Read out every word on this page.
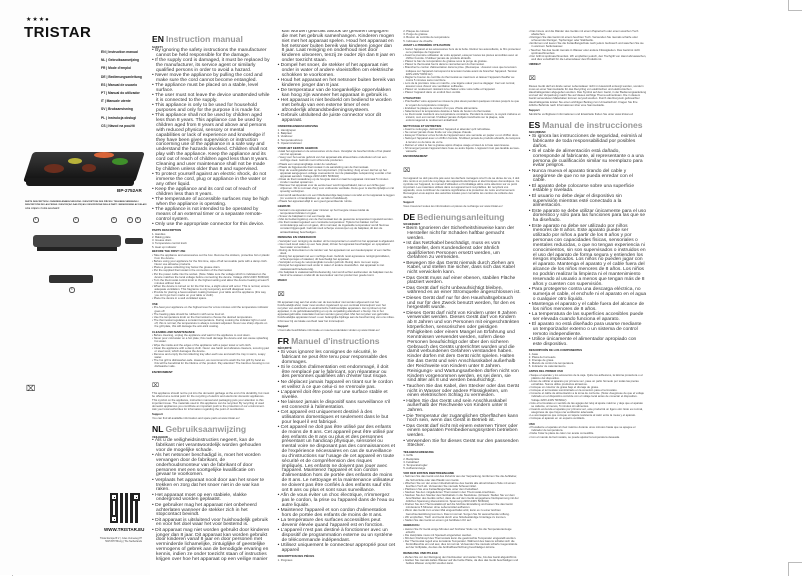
★★★●
TRISTAR
EN | Instruction manual
NL | Gebruiksaanwijzing
FR | Mode d'emploi
DE | Bedienungsanleitung
ES | Manual de usuario
PT | Manual do utilizador
IT | Manuale utente
SV | Bruksanvisning
PL | Instrukcja obsługi
CS | Návod na použití
BP-2752AR
PARTS DESCRIPTION / ONDERDELENBESCHRIJVING / DESCRIPTION DES PIÈCES / TEILEBESCHREIBUNG / DESCRIPCIÓN DE LAS PIEZAS / DESCRIÇÃO DAS PEÇAS / DESCRIZIONE DELLE PARTI / BESKRIVNING AV DELAR / OPIS CZĘŚCI / POPIS SOUČÁSTÍ
1	2	3	4	5
3
⌧
WWW.TRISTAR.EU
Tristar Europe B.V. | Jules Verneweg 87
5015 BH Tilburg | The Netherlands
EN Instruction manual
SAFETY
• By ignoring the safety instructions the manufacturer cannot be held responsible for the damage.
• If the supply cord is damaged, it must be replaced by the manufacturer, its service agent or similarly qualified persons in order to avoid a hazard.
• Never move the appliance by pulling the cord and make sure the cord cannot become entangled.
• The appliance must be placed on a stable, level surface.
• The user must not leave the device unattended while it is connected to the supply.
• This appliance is only to be used for household purposes and only for the purpose it is made for.
• This appliance shall not be used by children aged less than 8 years. This appliance can be used by children aged from 8 years and above and persons with reduced physical, sensory or mental capabilities or lack of experience and knowledge if they have been given supervision or instruction concerning use of the appliance in a safe way and understand the hazards involved. Children shall not play with the appliance. Keep the appliance and its cord out of reach of children aged less than 8 years. Cleaning and user maintenance shall not be made by children unless older than 8 and supervised.
• To protect yourself against an electric shock, do not immerse the cord, plug or appliance in the water or any other liquid.
• Keep the appliance and its cord out of reach of children less than 8 years.
• The temperature of accessible surfaces may be high when the appliance is operating.
• The appliance is not intended to be operated by means of an external timer or a separate remote-control system.
• Only use the appropriate connector for this device.
PARTS DESCRIPTION
1. Handles
2. Baking plate
3. Grease drain
4. Temperature control knob
5. Heat up indicator
BEFORE THE FIRST USE
• Take the appliance and accessories out the box. Remove the stickers, protective foil or plastic from the device.
• Before using your appliance for the first time, wipe off all removable parts with a damp cloth. Never use abrasive products.
• Place a grease collecting tray below the grease drain.
• Put the supplied thermostat in the connection of the thermostat.
• Put the power cable into the socket. (Note: Make sure the voltage which is indicated on the device matches the local voltage before connecting the device. Voltage 220V-240V 50/60Hz)
• Turn the thermostat control knob to the highest setting and allow the device heating at least 5 minutes without food.
• When the device is turned on for the first time, a slight odour will occur. This is normal, ensure adequate ventilation. This fragrance is only temporary and will disappear soon.
• Provide for placing a heat-resistant coating between your table and the appliance (this way you don't get burn marks on your table or cloth).
• Place the device in a well ventilated space.
USE
• Pre-heat your appliance on the highest level for a few minutes until the temperature indicator goes off.
• The heating plate should be rubbed in with some food oil.
• Use the temperature knob on the thermostat to choose the desired temperature.
• The thermostat regulates a constant temperature. During cooking the indicator light on and off, this is normal, the temperature is always constant adjusted. Never use sharp objects on the grill plate, this will damage the anti-stick coating.
CLEANING AND MAINTENANCE
• Before cleaning, unplug the appliance and wait for the appliance to cool down.
• Never pour cold water on a hot plate; this could damage the device and can cause splashing hot water.
• Wipe the inside and the edges of the appliance with a paper towel or soft cloth.
• Clean the appliance with a damp cloth. Never use harsh and abrasive cleaners, scouring pad or steel wool, which damages the device.
• Remove and empty the fat collecting tray after each use and wash the tray in warm, soapy water.
• The hot grill is dishwasher-safe. However, we recommend to wash the hot grill by hand as this will be beneficial for the lifetime of the product. Pay attention! The bamboo housing is not dishwasher safe.
ENVIRONMENT
⌧

This appliance should not be put into the domestic garbage at the end of its durability, but must be offered at a central point for the recycling of electric and electronic domestic appliances. This symbol on the appliance, instruction manual and packaging puts your attention to this important issue. The materials used in this appliance can be recycled. By recycling of used domestic appliances you contribute an important push to the protection of our environment. Ask your local authorities for information regarding the point of recollection.

Support

You can find all available information and spare parts at www.tristar.eu!

NL Gebruiksaanwijzing
VEILIGHEID
• Als u de veiligheidsinstructies negeert, kan de fabrikant niet verantwoordelijk worden gehouden voor de mogelijke schade.
• Als het netsnoer beschadigd is, moet het worden vervangen door de fabrikant, de onderhoudsmonteur van de fabrikant of door personen met een soortgelijke kwalificatie om gevaar te voorkomen.
• Verplaats het apparaat nooit door aan het snoer te trekken en zorg dat het snoer niet in de war kan raken.
• Het apparaat moet op een stabiele, vlakke ondergrond worden geplaatst.
• De gebruiker mag het apparaat niet onbeheerd achterlaten wanneer de stekker zich in het stopcontact bevindt.
• Dit apparaat is uitsluitend voor huishoudelijk gebruik en voor het doel waar het voor bestemd is.
• Dit apparaat mag niet worden gebruikt door kinderen jonger dan 8 jaar. Dit apparaat kan worden gebruikt door kinderen vanaf 8 jaar en door personen met verminderde lichamelijke, zintuiglijke of geestelijke vermogens of gebrek aan de benodigde ervaring en kennis, indien ze onder toezicht staan of instructies krijgen over hoe het apparaat op een veilige manier kan worden gebruikt alsook de gevaren begrijpen die met het gebruik samenhangen. Kinderen mogen niet met het apparaat spelen. Houd het apparaat en het netsnoer buiten bereik van kinderen jonger dan 8 jaar. Laat reiniging en onderhoud niet door kinderen uitvoeren, tenzij ze ouder zijn dan 8 jaar en onder toezicht staan.
• Dompel het snoer, de stekker of het apparaat niet onder in water of andere vloeistoffen om elektrische schokken te voorkomen.
• Houd het apparaat en het netsnoer buiten bereik van kinderen jonger dan 8 jaar.
• De temperatuur van de toegankelijke oppervlakken kan hoog zijn wanneer het apparaat in gebruik is.
• Het apparaat is niet bedoeld om bediend te worden met behulp van een externe timer of een afzonderlijk afstandsbedieningssysteem.
• Gebruik uitsluitend de juiste connector voor dit apparaat.
ONDERDELENBESCHRIJVING
1. Handgrepen
2. Bakplaat
3. Vetafvoer
4. Temperatuurknop
5. Opwarmindicator
VOOR HET EERSTE GEBRUIK
• Haal het apparaat en de accessoires uit de doos. Verwijder de beschermfolie of het plastic van het apparaat.
• Veeg voor het eerste gebruik van het apparaat alle afneembare onderdelen af met een vochtige doek. Gebruik nooit schurende producten.
• Plaats een vetopvangbakje onder de vetafvoer.
• Plaats de bijgeleverde thermostaat in de aansluiting van de thermostaat.
• Stop de voedingskabel aan op het stopcontact. (Opmerking: Zorg ervoor dat het op het apparaat aangegeven voltage overeenkomt met de plaatselijke netspanning voordat u het apparaat aansluit. Voltage 220V-240V 50/60Hz)
• Draai de thermostaatknop op de hoogste stand en laat het apparaat minimaal 5 minuten zonder voedsel opwarmen.
• Wanneer het apparaat voor de eerste keer wordt ingeschakeld, kan er een lichte geur vrijkomen. Dit is normaal. Zorg voor voldoende ventilatie. Deze geur is slechts tijdelijk en zal spoedig verdwijnen.
• Het wordt aanbevolen om een hittebestendige laag tussen uw tafel en het apparaat te leggen (zo voorkomt u brandplekken op uw tafel of tafelkleed).
• Plaats het apparaat altijd in een goed geventileerde ruimte.
GEBRUIK
• Verwarm uw apparaat een paar minuten op het hoogste niveau totdat de temperatuurindicator uit gaat.
• Smeer de bakplaat in met een beetje olie.
• Met de bedieningsknop van de thermostaat kan de gewenste temperatuur ingesteld worden.
• De thermostaat reguleert een constante temperatuur. Tijdens het bakken zal het controlelampje aan en uit gaan, dit is normaal, de ingestelde temperatuur wordt hiermee constant bijgeregeld. Gebruik nooit scherpe voorwerpen op de bakplaat, dit kan de antiaanbaklaag beschadigen.
REINIGING EN ONDERHOUD
• Verwijder voor reiniging de stekker uit het stopcontact en wacht tot het apparaat is afgekoeld.
• Giet nooit koud water op een hete plaat; dit kan het apparaat beschadigen en opspattend heet water veroorzaken.
• Reinig de binnenkant en de randen van het apparaat met een keukenpapier of een zachte doek.
• Reinig het apparaat met een vochtige doek. Gebruik nooit agressieve reinigingsmiddelen, schuursponsjes of staalwol, dit beschadigt het apparaat.
• Verwijder en leeg de vetopvangbak na ieder gebruik. Reinig deze met een sopje.
• Dompel het apparaat nooit onder in water of andere vloeistoffen. Het apparaat is niet vaatwasmachinebestendig.
• De bakplaat is vaatwasmachinebestendig. Het wordt echter aanbevolen de bakplaat met de hand af te wassen omdat dit de levensduur van het product ten goede komt.
MILIEU
⌧

Dit apparaat mag aan het einde van de levensduur niet worden afgevoerd met het huishoudelijk afval, maar moet worden ingeleverd op een centraal inzamelpunt voor het recyclen van elektrische en elektronische huishoudelijke apparaten. Het symbool op het apparaat, in de gebruiksaanwijzing en op de verpakking attendeert u hierop. De in het apparaat gebruikte materialen kunnen worden gerecycled. Met het recyclen van gebruikte huishoudelijke apparaten levert u een belangrijke bijdrage aan de bescherming van ons milieu. Informeer bij uw lokale overheid naar het inzamelpunt.

Support

U kunt alle beschikbare informatie en reserveonderdelen vinden op www.tristar.eu!

FR Manuel d'instructions
SÉCURITÉ
• Si vous ignorez les consignes de sécurité, le fabricant ne peut être tenu pour responsable des dommages.
• Si le cordon d'alimentation est endommagé, il doit être remplacé par le fabricant, son réparateur ou des personnes qualifiées afin d'éviter tout risque.
• Ne déplacez jamais l'appareil en tirant sur le cordon et veillez à ce que celui-ci ne s'enroule pas.
• L'appareil doit être posé sur une surface stable et nivelée.
• Ne laissez jamais le dispositif sans surveillance s'il est connecté à l'alimentation.
• Cet appareil est uniquement destiné à des utilisations domestiques et seulement dans le but pour lequel il est fabriqué.
• Cet appareil ne doit pas être utilisé par des enfants de moins de 8 ans. Cet appareil peut être utilisé par des enfants de 8 ans ou plus et des personnes présentant un handicap physique, sensoriel ou mental voire ne disposant pas des connaissances et de l'expérience nécessaires en cas de surveillance ou d'instructions sur l'usage de cet appareil en toute sécurité et de compréhension des risques impliqués. Les enfants ne doivent pas jouer avec l'appareil. Maintenez l'appareil et son cordon d'alimentation hors de portée des enfants de moins de 8 ans. Le nettoyage et la maintenance utilisateur ne doivent pas être confiés à des enfants sauf s'ils ont 8 ans ou plus et sont sous surveillance.
• Afin de vous éviter un choc électrique, n'immergez pas le cordon, la prise ou l'appareil dans de l'eau ou autre liquide.
• Maintenez l'appareil et son cordon d'alimentation hors de portée des enfants de moins de 8 ans.
• La température des surfaces accessibles peut devenir élevée quand l'appareil est en fonction.
• L'appareil n'est pas destiné à fonctionner avec un dispositif de programmation externe ou un système de télécommande indépendant.
• Utilisez uniquement le connecteur approprié pour cet appareil
DESCRIPTION DES PIÈCES
1. Poignées
2. Plaque de cuisson
3. Purge de graisse
4. Bouton de contrôle de température
5. Indicateur de chauffe
AVANT LA PREMIÈRE UTILISATION
• Sortez l'appareil et les accessoires hors de la boîte. Retirez les autocollants, le film protecteur ou le plastique de l'appareil.
• Avant la première utilisation de votre appareil, essuyez toutes les pièces amovibles avec un chiffon humide. N'utilisez jamais de produits abrasifs.
• Placez le bac de récupération de graisse sous la purge de graisse.
• Placez le thermostat fourni dans le raccordement du thermostat.
• Branchez le cordon d'alimentation dans la prise. (Remarque : Assurez-vous que la tension indiquée sur l'appareil correspond à la tension locale avant de brancher l'appareil. Tension 220V-240V 50/60 Hz)
• Réglez le bouton de contrôle du thermostat au maximum et laissez l'appareil chauffer au moins 5 minutes sans nourriture.
• Lors de la première mise en marche, une légère odeur peut se dégager. Ceci est normal, assurez-vous d'avoir une ventilation suffisante.
• Placez un revêtement résistant à la chaleur entre votre table et l'appareil.
• Placez l'appareil dans un endroit bien ventilé.
UTILISATION
• Préchauffez votre appareil au niveau le plus élevé pendant quelques minutes jusqu'à ce que le voyant de température s'éteigne.
• Enduisez la plaque de cuisson d'un peu d'huile alimentaire.
• Sélectionnez la température désirée à l'aide du bouton du thermostat.
• Le thermostat maintient une température constante. Pendant la cuisson, le voyant s'allume et s'éteint, ceci est normal. N'utilisez jamais d'objets tranchants sur la plaque, cela endommagerait le revêtement antiadhésif.
NETTOYAGE ET ENTRETIEN
• Avant le nettoyage, débranchez l'appareil et attendez qu'il refroidisse.
• Ne versez jamais d'eau froide sur une plaque chaude.
• Essuyez l'intérieur et les bords de l'appareil avec une serviette en papier ou un chiffon doux.
• Nettoyez l'appareil avec un chiffon humide. N'utilisez jamais de produits abrasifs, de tampons à récurer ou de laine de verre.
• Retirez et videz le bac à graisse après chaque usage et lavez-le à l'eau savonneuse.
• N'immergez jamais l'appareil dans l'eau ou autre liquide. L'appareil n'est pas lavable au lave-vaisselle.
ENVIRONNEMENT
⌧

Cet appareil ne doit pas être jeté avec les déchets ménagers à la fin de sa durée de vie, il doit être remis à un point de recyclage des appareils électriques et électroniques domestiques. Ce symbole sur l'appareil, le manuel d'utilisation et l'emballage attire votre attention sur ce point important. Les matériaux utilisés dans cet appareil sont recyclables. En recyclant vos appareils, vous contribuez de manière significative à la protection de notre environnement. Renseignez-vous auprès des autorités locales pour connaître les centres de collecte des déchets.

Support

Vous trouverez toutes les informations et pièces de rechange sur www.tristar.eu !

DE Bedienungsanleitung
SICHERHEIT
• Beim Ignorieren der Sicherheitshinweise kann der Hersteller nicht für Schäden haftbar gemacht werden.
• Ist das Netzkabel beschädigt, muss es vom Hersteller, dem Kundendienst oder ähnlich qualifizierten Personen ersetzt werden, um Gefahren zu vermeiden.
• Bewegen Sie das Gerät niemals durch Ziehen am Kabel, und stellen Sie sicher, dass sich das Kabel nicht verwickeln kann.
• Das Gerät muss auf einer ebenen, stabilen Fläche platziert werden.
• Das Gerät darf nicht unbeaufsichtigt bleiben, während es an einer Stromquelle angeschlossen ist.
• Dieses Gerät darf nur für den Haushaltsgebrauch und nur für den Zweck benutzt werden, für den es hergestellt wurde.
• Dieses Gerät darf nicht von Kindern unter 8 Jahren verwendet werden. Dieses Gerät darf von Kindern ab 8 Jahren und von Personen mit eingeschränkten körperlichen, sensorischen oder geistigen Fähigkeiten oder einem Mangel an Erfahrung und Kenntnissen verwendet werden, sofern diese Personen beaufsichtigt oder über den sicheren Gebrauch des Geräts unterrichtet wurden und die damit verbundenen Gefahren verstanden haben. Kinder dürfen mit dem Gerät nicht spielen. Halten Sie das Gerät und sein Anschlusskabel außerhalb der Reichweite von Kindern unter 8 Jahren. Reinigungs- und Wartungsarbeiten dürfen nicht von Kindern vorgenommen werden, es sei denn, sie sind älter als 8 und werden beaufsichtigt.
• Tauchen Sie das Kabel, den Stecker oder das Gerät nicht in Wasser oder andere Flüssigkeiten, um einen elektrischen Schlag zu vermeiden.
• Halten Sie das Gerät und sein Anschlusskabel außerhalb der Reichweite von Kindern unter 8 Jahren.
• Die Temperatur der zugänglichen Oberflächen kann hoch sein, wenn das Gerät in Betrieb ist.
• Das Gerät darf nicht mit einem externen Timer oder einem separaten Fernbedienungssystem betrieben werden.
• Verwenden Sie für dieses Gerät nur den passenden Stecker.
TEILEBESCHREIBUNG
1. Griffe
2. Backplatte
3. Fettablauf
4. Temperaturregler
5. Aufheizanzeige
VOR DER ERSTEN INBETRIEBNAHME
• Nehmen Sie das Gerät und das Zubehör aus der Verpackung. Entfernen Sie die Aufkleber, die Schutzfolie oder das Plastik vom Gerät.
• Wischen Sie vor der ersten Inbetriebnahme des Geräts alle abnehmbaren Teile mit einem feuchten Tuch ab. Verwenden Sie niemals Scheuermittel.
• Platzieren Sie eine Fettauffangschale unter dem Fettablauf.
• Stecken Sie den mitgelieferten Thermostat in den Thermostat-Anschluss.
• Stecken Sie den Stecker des Netzkabels in die Steckdose. (Hinweis: Stellen Sie vor dem Anschließen des Geräts sicher, dass die auf dem Gerät angegebene Netzspannung mit der örtlichen Spannung übereinstimmt. Spannung 220V-240V 50/60Hz)
• Drehen Sie den Thermostatknopf auf die höchste Einstellung und lassen Sie das Gerät mindestens 5 Minuten ohne Lebensmittel aufheizen.
• Wenn das Gerät zum ersten Mal eingeschaltet wird, kann es zu einer leichten Geruchsentwicklung kommen. Das ist normal. Sorgen Sie für ausreichende Lüftung.
• Wir empfehlen, Tisch und Gerät durch eine hitzebeständige Unterlage zu trennen.
• Stellen Sie das Gerät an einem gut belüfteten Ort auf.
GEBRAUCH
• Heizen Sie Ihr Gerät einige Minuten auf höchster Stufe vor, bis die Temperaturanzeige erlischt.
• Die Heizplatte muss mit Speiseöl eingerieben werden.
• Mit dem Drehknopf des Thermostats kann die gewünschte Temperatur eingestellt werden.
• Der Thermostat regelt eine konstante Temperatur. Während des Garens schaltet sich die Kontrollleuchte ein und aus; dies ist normal. Verwenden Sie niemals scharfe Gegenstände auf der Grillplatte, da dies die Antihaftbeschichtung beschädigen könnte.
REINIGUNG UND PFLEGE
• Ziehen Sie vor der Reinigung den Netzstecker und warten Sie, bis das Gerät abgekühlt ist.
• Gießen Sie niemals kaltes Wasser auf die heiße Platte, da dies das Gerät beschädigen und heißes Wasser verspritzt werden kann.
• Das Innere und die Ränder des Geräts mit einem Papiertuch oder einem weichen Tuch abwischen.
• Reinigen Sie das Gerät mit einem feuchten Tuch. Verwenden Sie niemals scharfe oder scheuernde Reiniger, Topfreiniger oder Stahlwolle.
• Entfernen und leeren Sie die Fettauffangschale nach jedem Gebrauch und waschen Sie sie in warmem Seifenwasser.
• Tauchen Sie das Gerät niemals in Wasser oder andere Flüssigkeiten. Das Gerät ist nicht spülmaschinenfest.
• Der Grill ist spülmaschinenfest. Wir empfehlen jedoch, den Tischgrill von Hand abzuwaschen, weil dies vorteilhaft für die Lebensdauer des Produkts ist.
UMWELT
⌧

Dieses Gerät darf am Ende seiner Lebensdauer nicht im Hausmüll entsorgt werden, sondern muss an einer Sammelstelle für das Recycling von elektrischen und elektronischen Haushaltsgeräten abgegeben werden. Das Symbol auf dem Gerät, in der Bedienungsanleitung und auf der Verpackung macht Sie auf dieses wichtige Thema aufmerksam. Die in diesem Gerät verwendeten Materialien können recycelt werden. Durch das Recyceln gebrauchter Haushaltsgeräte leisten Sie einen wichtigen Beitrag zum Umweltschutz. Fragen Sie Ihre örtliche Behörde nach Informationen über eine Sammelstelle.

Support

Sämtliche verfügbaren Informationen und Ersatzteile finden Sie unter www.tristar.eu!

ES Manual de instrucciones
SEGURIDAD
• Si ignora las instrucciones de seguridad, eximirá al fabricante de toda responsabilidad por posibles daños.
• Si el cable de alimentación está dañado, corresponde al fabricante, al representante o a una persona de cualificación similar su reemplazo para evitar peligros.
• Nunca mueva el aparato tirando del cable y asegúrese de que no se pueda enredar con el cable.
• El aparato debe colocarse sobre una superficie estable y nivelada.
• El usuario no debe dejar el dispositivo sin supervisión mientras esté conectado a la alimentación.
• Este aparato se debe utilizar únicamente para el uso doméstico y sólo para las funciones para las que se ha diseñado.
• Este aparato no debe ser utilizado por niños menores de 8 años. Este aparato puede ser utilizado por niños a partir de los 8 años y por personas con capacidades físicas, sensoriales o mentales reducidas, o que no tengan experiencia ni conocimientos, sin son supervisados o instruidos en el uso del aparato de forma segura y entienden los riesgos implicados. Los niños no pueden jugar con el aparato. Mantenga el aparato y el cable fuera del alcance de los niños menores de 8 años. Los niños no podrán realizar la limpieza ni el mantenimiento reservado al usuario a menos que tengan más de 8 años y cuenten con supervisión.
• Para protegerse contra una descarga eléctrica, no sumerja el cable, el enchufe ni el aparato en el agua o cualquier otro líquido.
• Mantenga el aparato y el cable fuera del alcance de los niños menores de 8 años.
• La temperatura de las superficies accesibles puede ser elevada cuando funciona el aparato.
• El aparato no está diseñado para usarse mediante un temporizador externo o un sistema de control remoto independiente.
• Utilice únicamente el alimentador apropiado con este dispositivo.
DESCRIPCIÓN DE LOS COMPONENTES
1. Asas
2. Placa de horneado
3. Drenaje de grasa
4. Mando de control de temperatura
5. Indicador de calentamiento
ANTES DEL PRIMER USO
• Saque el aparato y los accesorios de la caja. Quite los adhesivos, la lámina protectora o el plástico del dispositivo.
• Antes de utilizar el aparato por primera vez, pase un paño húmedo por todas las piezas extraíbles. Nunca utilice productos abrasivos.
• Coloque un colector de grasa bajo el drenaje de grasa.
• Coloque el termostato suministrado en la conexión para el termostato.
• Conecte el cable de alimentación a la toma de corriente. (Nota: Asegúrese de que el voltaje indicado en el dispositivo coincide con el voltaje local antes de conectar el dispositivo. Voltaje 220V-240V 50/60Hz)
• Gire el termostato en sentido de las agujas del reloj al ajuste máximo y deje que el aparato se caliente, al menos, 5 minutos sin alimentos.
• Cuando encienda el aparato por primera vez, este producirá un ligero olor. Esto es normal, asegúrese de que haya una ventilación adecuada.
• Le aconsejamos que coloque un tapete resistente al calor entre la mesa y el aparato.
• Coloque el aparato en un espacio ventilado.
USO
• Precaliente el aparato al nivel máximo durante unos minutos hasta que se apague el indicador de temperatura.
• Debe frotar la placa de calor con aceite comestible.
• Con el mando del termostato, se puede ajustar la temperatura deseada.
